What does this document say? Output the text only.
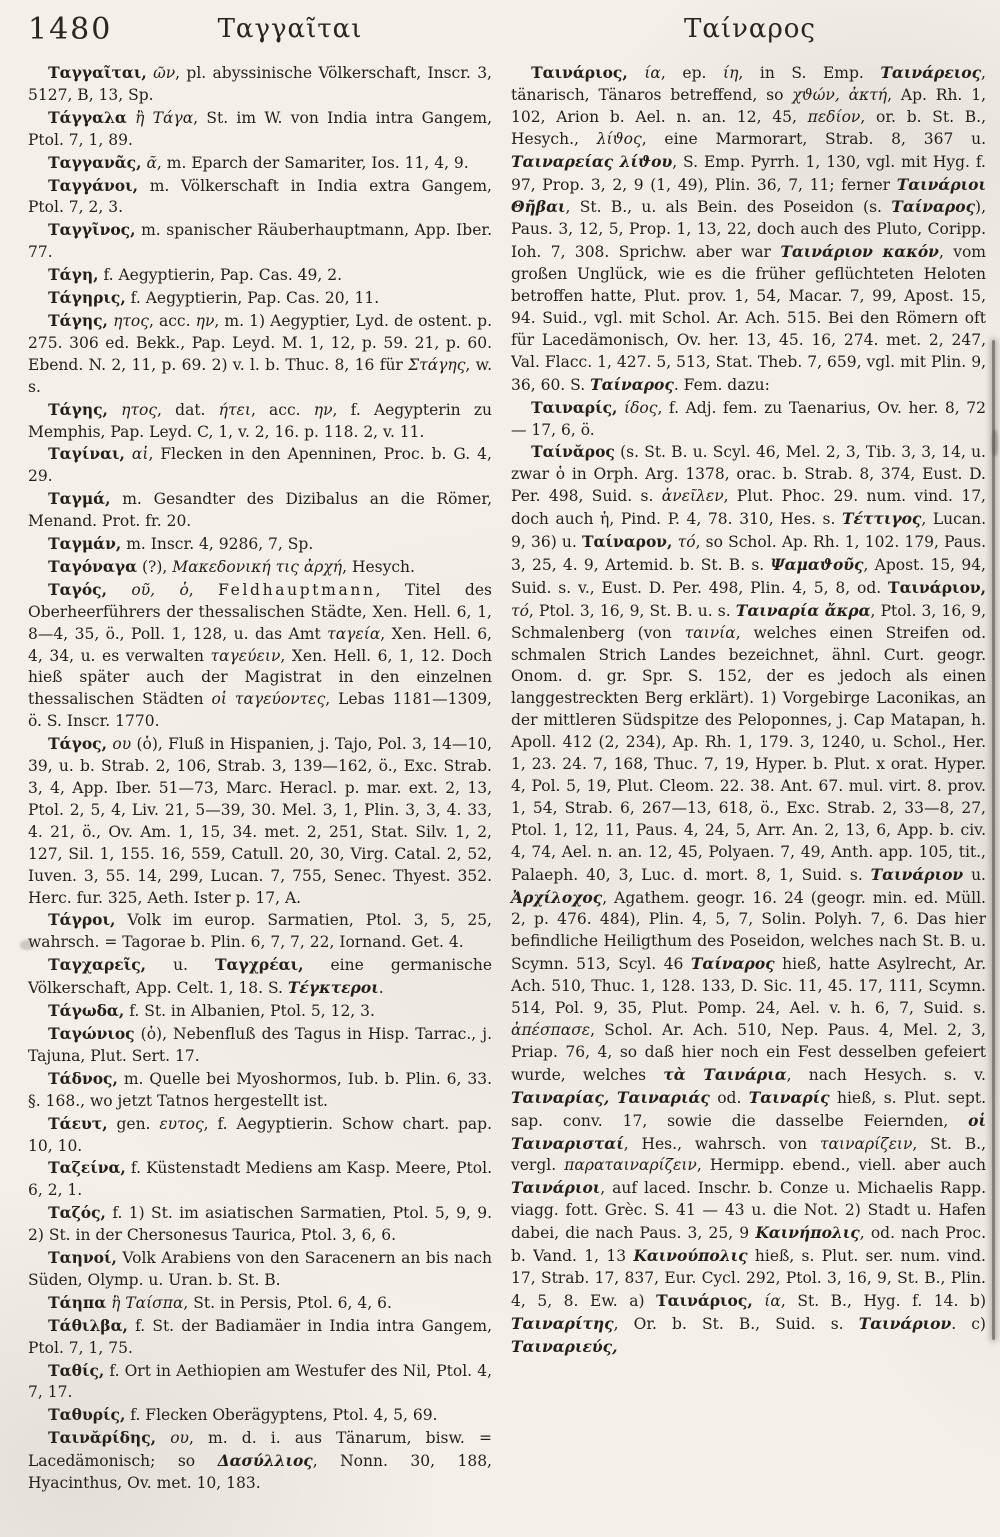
1480	Ταγγαῖται	Ταίναρος

Ταγγαῖται, ῶν, pl. abyssinische Völkerschaft, Inscr. 3, 5127, B, 13, Sp.

Τάγγαλα ἢ Τάγα, St. im W. von India intra Gangem, Ptol. 7, 1, 89.

Ταγγανᾶς, ᾶ, m. Eparch der Samariter, Ios. 11, 4, 9.

Ταγγάνοι, m. Völkerschaft in India extra Gangem, Ptol. 7, 2, 3.

Ταγγῖνος, m. spanischer Räuberhauptmann, App. Iber. 77.

Τάγη, f. Aegyptierin, Pap. Cas. 49, 2.

Τάγηρις, f. Aegyptierin, Pap. Cas. 20, 11.

Τάγης, ητος, acc. ην, m. 1) Aegyptier, Lyd. de ostent. p. 275. 306 ed. Bekk., Pap. Leyd. M. 1, 12, p. 59. 21, p. 60. Ebend. N. 2, 11, p. 69. 2) v. l. b. Thuc. 8, 16 für Στάγης, w. s.

Τάγης, ητος, dat. ήτει, acc. ην, f. Aegypterin zu Memphis, Pap. Leyd. C, 1, v. 2, 16. p. 118. 2, v. 11.

Ταγίναι, αἱ, Flecken in den Apenninen, Proc. b. G. 4, 29.

Ταγμά, m. Gesandter des Dizibalus an die Römer, Menand. Prot. fr. 20.

Ταγμάν, m. Inscr. 4, 9286, 7, Sp.

Ταγόναγα (?), Μακεδονική τις ἀρχή, Hesych.

Ταγός, οῦ, ὁ, Feldhauptmann, Titel des Oberheerführers der thessalischen Städte, Xen. Hell. 6, 1, 8—4, 35, ö., Poll. 1, 128, u. das Amt ταγεία, Xen. Hell. 6, 4, 34, u. es verwalten ταγεύειν, Xen. Hell. 6, 1, 12. Doch hieß später auch der Magistrat in den einzelnen thessalischen Städten οἱ ταγεύοντες, Lebas 1181—1309, ö. S. Inscr. 1770.

Τάγος, ου (ὁ), Fluß in Hispanien, j. Tajo, Pol. 3, 14—10, 39, u. b. Strab. 2, 106, Strab. 3, 139—162, ö., Exc. Strab. 3, 4, App. Iber. 51—73, Marc. Heracl. p. mar. ext. 2, 13, Ptol. 2, 5, 4, Liv. 21, 5—39, 30. Mel. 3, 1, Plin. 3, 3, 4. 33, 4. 21, ö., Ov. Am. 1, 15, 34. met. 2, 251, Stat. Silv. 1, 2, 127, Sil. 1, 155. 16, 559, Catull. 20, 30, Virg. Catal. 2, 52, Iuven. 3, 55. 14, 299, Lucan. 7, 755, Senec. Thyest. 352. Herc. fur. 325, Aeth. Ister p. 17, A.

Τάγροι, Volk im europ. Sarmatien, Ptol. 3, 5, 25, wahrsch. = Tagorae b. Plin. 6, 7, 7, 22, Iornand. Get. 4.

Ταγχαρεῖς, u. Ταγχρέαι, eine germanische Völkerschaft, App. Celt. 1, 18. S. Τέγκτεροι.

Τάγωδα, f. St. in Albanien, Ptol. 5, 12, 3.

Ταγώνιος (ὁ), Nebenfluß des Tagus in Hisp. Tarrac., j. Tajuna, Plut. Sert. 17.

Τάδνος, m. Quelle bei Myoshormos, Iub. b. Plin. 6, 33. §. 168., wo jetzt Tatnos hergestellt ist.

Τάευτ, gen. ευτος, f. Aegyptierin. Schow chart. pap. 10, 10.

Ταζείνα, f. Küstenstadt Mediens am Kasp. Meere, Ptol. 6, 2, 1.

Ταζός, f. 1) St. im asiatischen Sarmatien, Ptol. 5, 9, 9. 2) St. in der Chersonesus Taurica, Ptol. 3, 6, 6.

Ταηνοί, Volk Arabiens von den Saracenern an bis nach Süden, Olymp. u. Uran. b. St. B.

Τάηπα ἢ Ταίσπα, St. in Persis, Ptol. 6, 4, 6.

Τάθιλβα, f. St. der Badiamäer in India intra Gangem, Ptol. 7, 1, 75.

Ταθίς, f. Ort in Aethiopien am Westufer des Nil, Ptol. 4, 7, 17.

Ταθυρίς, f. Flecken Oberägyptens, Ptol. 4, 5, 69.

Ταινᾰρίδης, ου, m. d. i. aus Tänarum, bisw. = Lacedämonisch; so Δασύλλιος, Nonn. 30, 188, Hyacinthus, Ov. met. 10, 183.

Ταινάριος, ία, ep. ίη, in S. Emp. Ταινάρειος, tänarisch, Tänaros betreffend, so χϑών, ἀκτή, Ap. Rh. 1, 102, Arion b. Ael. n. an. 12, 45, πεδίον, or. b. St. B., Hesych., λίϑος, eine Marmorart, Strab. 8, 367 u. Ταιναρείας λίϑου, S. Emp. Pyrrh. 1, 130, vgl. mit Hyg. f. 97, Prop. 3, 2, 9 (1, 49), Plin. 36, 7, 11; ferner Ταινάριοι Θῆβαι, St. B., u. als Bein. des Poseidon (s. Ταίναρος), Paus. 3, 12, 5, Prop. 1, 13, 22, doch auch des Pluto, Coripp. Ioh. 7, 308. Sprichw. aber war Ταινάριον κακόν, vom großen Unglück, wie es die früher geflüchteten Heloten betroffen hatte, Plut. prov. 1, 54, Macar. 7, 99, Apost. 15, 94. Suid., vgl. mit Schol. Ar. Ach. 515. Bei den Römern oft für Lacedämonisch, Ov. her. 13, 45. 16, 274. met. 2, 247, Val. Flacc. 1, 427. 5, 513, Stat. Theb. 7, 659, vgl. mit Plin. 9, 36, 60. S. Ταίναρος. Fem. dazu:

Ταιναρίς, ίδος, f. Adj. fem. zu Taenarius, Ov. her. 8, 72 — 17, 6, ö.

Ταίνᾰρος (s. St. B. u. Scyl. 46, Mel. 2, 3, Tib. 3, 3, 14, u. zwar ὁ in Orph. Arg. 1378, orac. b. Strab. 8, 374, Eust. D. Per. 498, Suid. s. ἀνεῖλεν, Plut. Phoc. 29. num. vind. 17, doch auch ἡ, Pind. P. 4, 78. 310, Hes. s. Τέττιγος, Lucan. 9, 36) u. Ταίναρον, τό, so Schol. Ap. Rh. 1, 102. 179, Paus. 3, 25, 4. 9, Artemid. b. St. B. s. Ψαμαϑοῦς, Apost. 15, 94, Suid. s. v., Eust. D. Per. 498, Plin. 4, 5, 8, od. Ταινάριον, τό, Ptol. 3, 16, 9, St. B. u. s. Ταιναρία ἄκρα, Ptol. 3, 16, 9, Schmalenberg (von ταινία, welches einen Streifen od. schmalen Strich Landes bezeichnet, ähnl. Curt. geogr. Onom. d. gr. Spr. S. 152, der es jedoch als einen langgestreckten Berg erklärt). 1) Vorgebirge Laconikas, an der mittleren Südspitze des Peloponnes, j. Cap Matapan, h. Apoll. 412 (2, 234), Ap. Rh. 1, 179. 3, 1240, u. Schol., Her. 1, 23. 24. 7, 168, Thuc. 7, 19, Hyper. b. Plut. x orat. Hyper. 4, Pol. 5, 19, Plut. Cleom. 22. 38. Ant. 67. mul. virt. 8. prov. 1, 54, Strab. 6, 267—13, 618, ö., Exc. Strab. 2, 33—8, 27, Ptol. 1, 12, 11, Paus. 4, 24, 5, Arr. An. 2, 13, 6, App. b. civ. 4, 74, Ael. n. an. 12, 45, Polyaen. 7, 49, Anth. app. 105, tit., Palaeph. 40, 3, Luc. d. mort. 8, 1, Suid. s. Ταινάριον u. Ἀρχίλοχος, Agathem. geogr. 16. 24 (geogr. min. ed. Müll. 2, p. 476. 484), Plin. 4, 5, 7, Solin. Polyh. 7, 6. Das hier befindliche Heiligthum des Poseidon, welches nach St. B. u. Scymn. 513, Scyl. 46 Ταίναρος hieß, hatte Asylrecht, Ar. Ach. 510, Thuc. 1, 128. 133, D. Sic. 11, 45. 17, 111, Scymn. 514, Pol. 9, 35, Plut. Pomp. 24, Ael. v. h. 6, 7, Suid. s. ἀπέσπασε, Schol. Ar. Ach. 510, Nep. Paus. 4, Mel. 2, 3, Priap. 76, 4, so daß hier noch ein Fest desselben gefeiert wurde, welches τὰ Ταινάρια, nach Hesych. s. v. Ταιναρίας, Ταιναριάς od. Ταιναρίς hieß, s. Plut. sept. sap. conv. 17, sowie die dasselbe Feiernden, οἱ Ταιναρισταί, Hes., wahrsch. von ταιναρίζειν, St. B., vergl. παραταιναρίζειν, Hermipp. ebend., viell. aber auch Ταινάριοι, auf laced. Inschr. b. Conze u. Michaelis Rapp. viagg. fott. Grèc. S. 41 — 43 u. die Not. 2) Stadt u. Hafen dabei, die nach Paus. 3, 25, 9 Καινήπολις, od. nach Proc. b. Vand. 1, 13 Καινούπολις hieß, s. Plut. ser. num. vind. 17, Strab. 17, 837, Eur. Cycl. 292, Ptol. 3, 16, 9, St. B., Plin. 4, 5, 8. Ew. a) Ταινάριος, ία, St. B., Hyg. f. 14. b) Ταιναρίτης, Or. b. St. B., Suid. s. Ταινάριον. c) Ταιναριεύς,
